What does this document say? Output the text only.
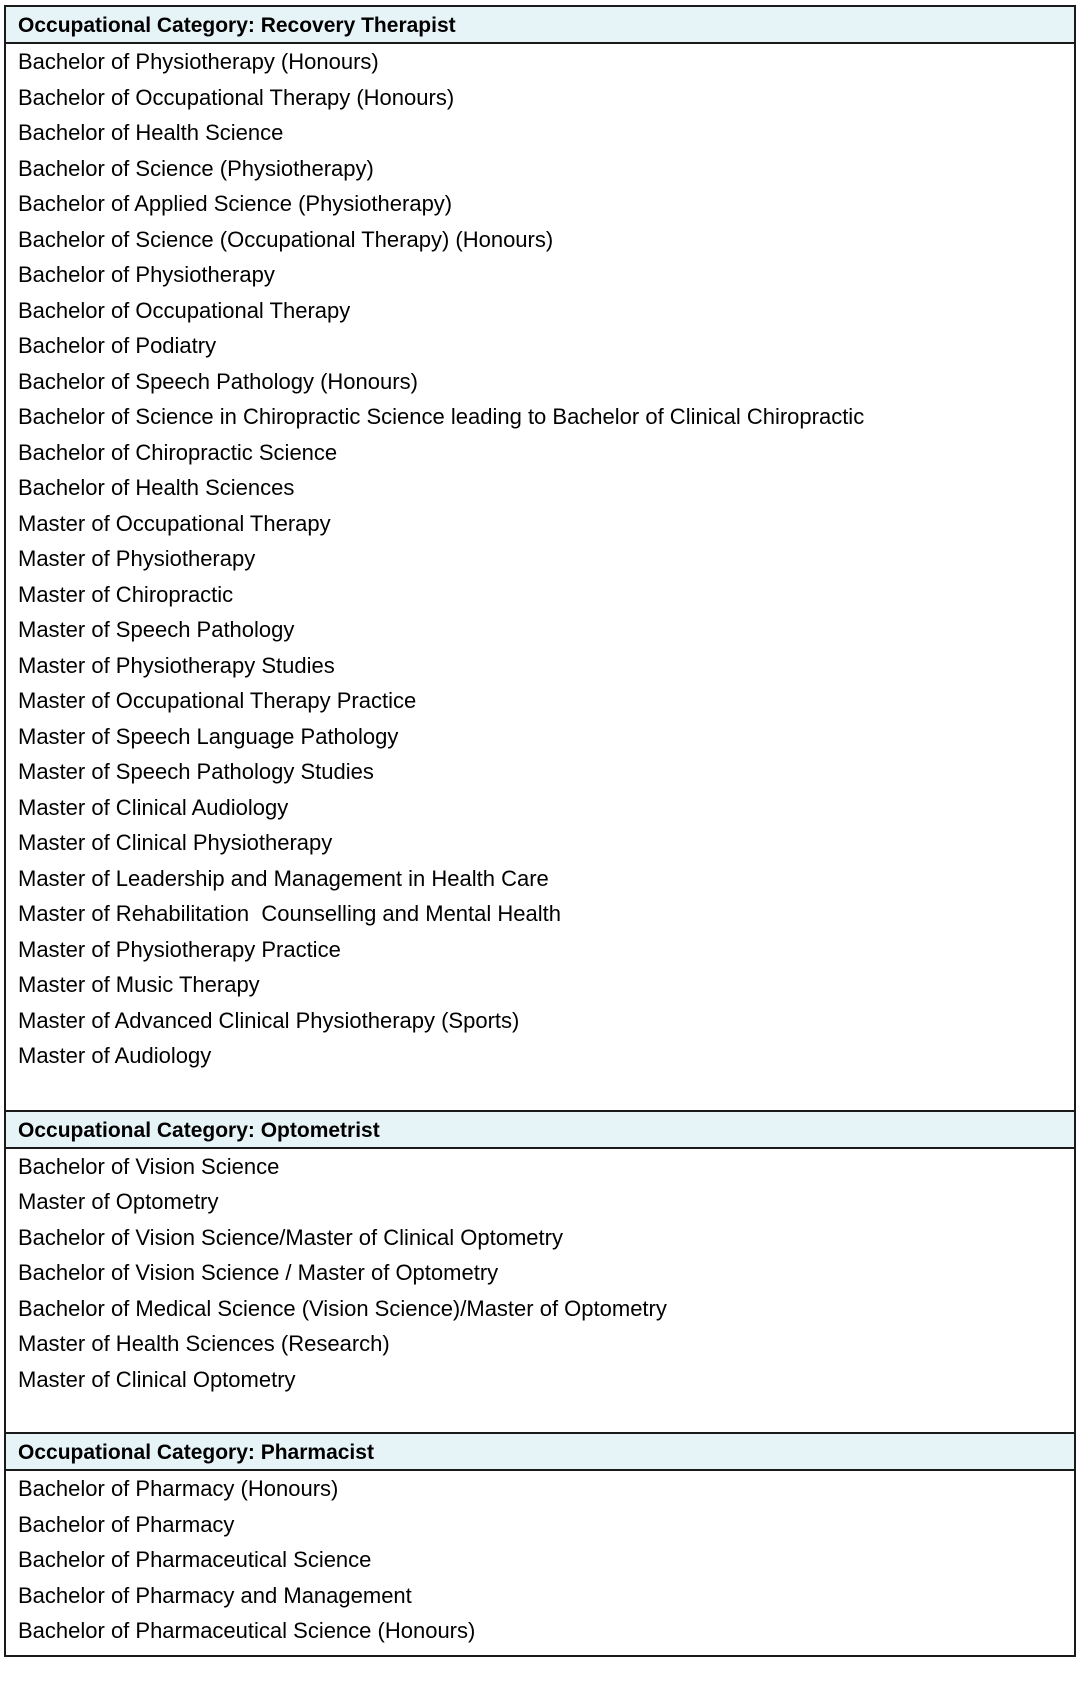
Occupational Category: Recovery Therapist
Bachelor of Physiotherapy (Honours)
Bachelor of Occupational Therapy (Honours)
Bachelor of Health Science
Bachelor of Science (Physiotherapy)
Bachelor of Applied Science (Physiotherapy)
Bachelor of Science (Occupational Therapy) (Honours)
Bachelor of Physiotherapy
Bachelor of Occupational Therapy
Bachelor of Podiatry
Bachelor of Speech Pathology (Honours)
Bachelor of Science in Chiropractic Science leading to Bachelor of Clinical Chiropractic
Bachelor of Chiropractic Science
Bachelor of Health Sciences
Master of Occupational Therapy
Master of Physiotherapy
Master of Chiropractic
Master of Speech Pathology
Master of Physiotherapy Studies
Master of Occupational Therapy Practice
Master of Speech Language Pathology
Master of Speech Pathology Studies
Master of Clinical Audiology
Master of Clinical Physiotherapy
Master of Leadership and Management in Health Care
Master of Rehabilitation  Counselling and Mental Health
Master of Physiotherapy Practice
Master of Music Therapy
Master of Advanced Clinical Physiotherapy (Sports)
Master of Audiology
Occupational Category: Optometrist
Bachelor of Vision Science
Master of Optometry
Bachelor of Vision Science/Master of Clinical Optometry
Bachelor of Vision Science / Master of Optometry
Bachelor of Medical Science (Vision Science)/Master of Optometry
Master of Health Sciences (Research)
Master of Clinical Optometry
Occupational Category: Pharmacist
Bachelor of Pharmacy (Honours)
Bachelor of Pharmacy
Bachelor of Pharmaceutical Science
Bachelor of Pharmacy and Management
Bachelor of Pharmaceutical Science (Honours)
